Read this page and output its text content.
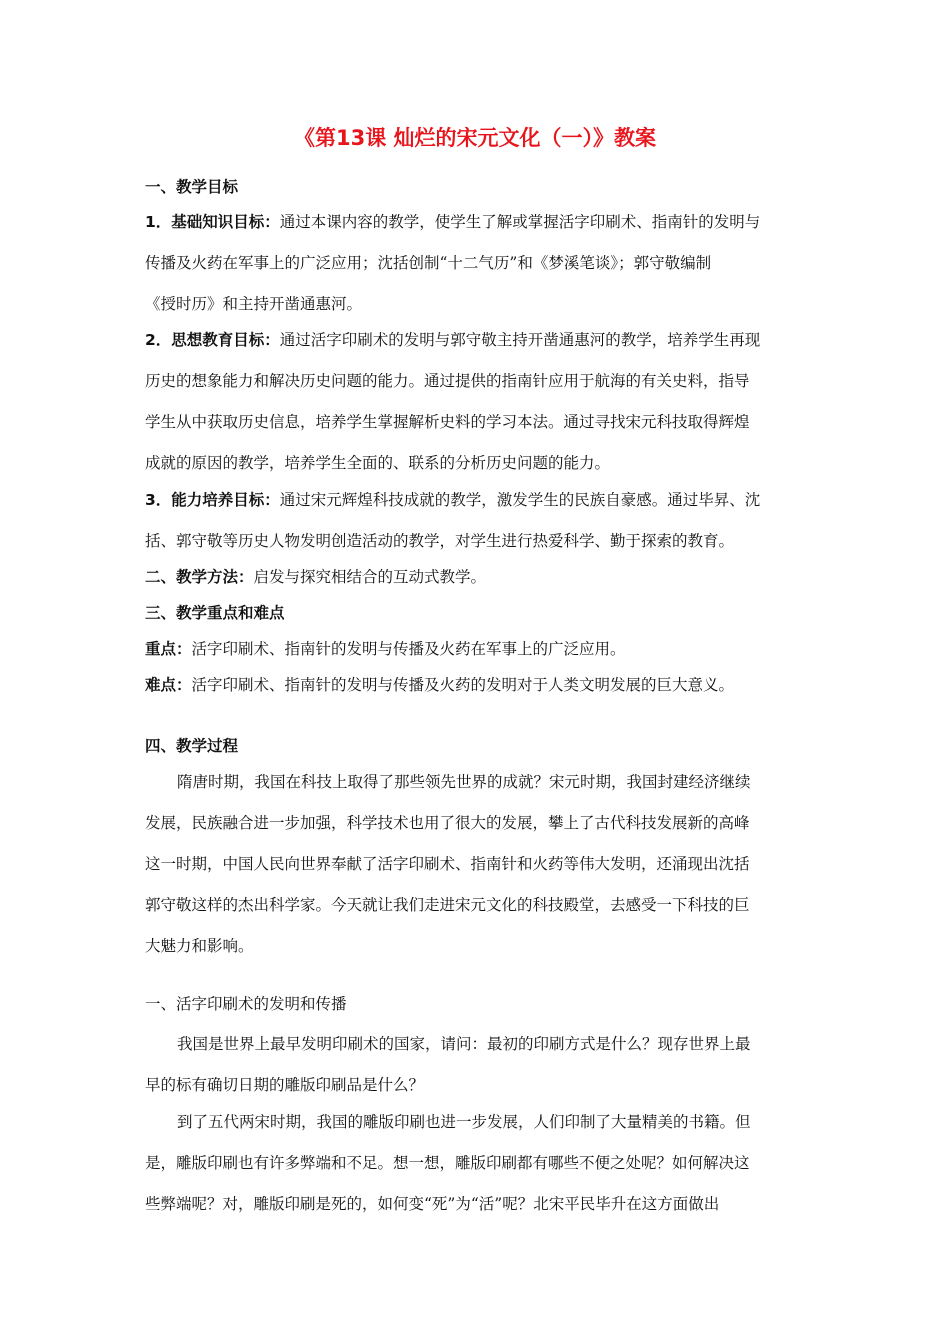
《第13课 灿烂的宋元文化（一）》教案
一、教学目标
1．基础知识目标：通过本课内容的教学，使学生了解或掌握活字印刷术、指南针的发明与
传播及火药在军事上的广泛应用；沈括创制“十二气历”和《梦溪笔谈》；郭守敬编制
《授时历》和主持开凿通惠河。
2．思想教育目标：通过活字印刷术的发明与郭守敬主持开凿通惠河的教学，培养学生再现
历史的想象能力和解决历史问题的能力。通过提供的指南针应用于航海的有关史料，指导
学生从中获取历史信息，培养学生掌握解析史料的学习本法。通过寻找宋元科技取得辉煌
成就的原因的教学，培养学生全面的、联系的分析历史问题的能力。
3．能力培养目标：通过宋元辉煌科技成就的教学，激发学生的民族自豪感。通过毕昇、沈
括、郭守敬等历史人物发明创造活动的教学，对学生进行热爱科学、勤于探索的教育。
二、教学方法：启发与探究相结合的互动式教学。
三、教学重点和难点
重点：活字印刷术、指南针的发明与传播及火药在军事上的广泛应用。
难点：活字印刷术、指南针的发明与传播及火药的发明对于人类文明发展的巨大意义。
四、教学过程
隋唐时期，我国在科技上取得了那些领先世界的成就？宋元时期，我国封建经济继续
发展，民族融合进一步加强，科学技术也用了很大的发展，攀上了古代科技发展新的高峰
这一时期，中国人民向世界奉献了活字印刷术、指南针和火药等伟大发明，还涌现出沈括
郭守敬这样的杰出科学家。今天就让我们走进宋元文化的科技殿堂，去感受一下科技的巨
大魅力和影响。
一、活字印刷术的发明和传播
我国是世界上最早发明印刷术的国家，请问：最初的印刷方式是什么？现存世界上最
早的标有确切日期的雕版印刷品是什么？
到了五代两宋时期，我国的雕版印刷也进一步发展，人们印制了大量精美的书籍。但
是，雕版印刷也有许多弊端和不足。想一想，雕版印刷都有哪些不便之处呢？如何解决这
些弊端呢？对，雕版印刷是死的，如何变“死”为“活”呢？北宋平民毕升在这方面做出
